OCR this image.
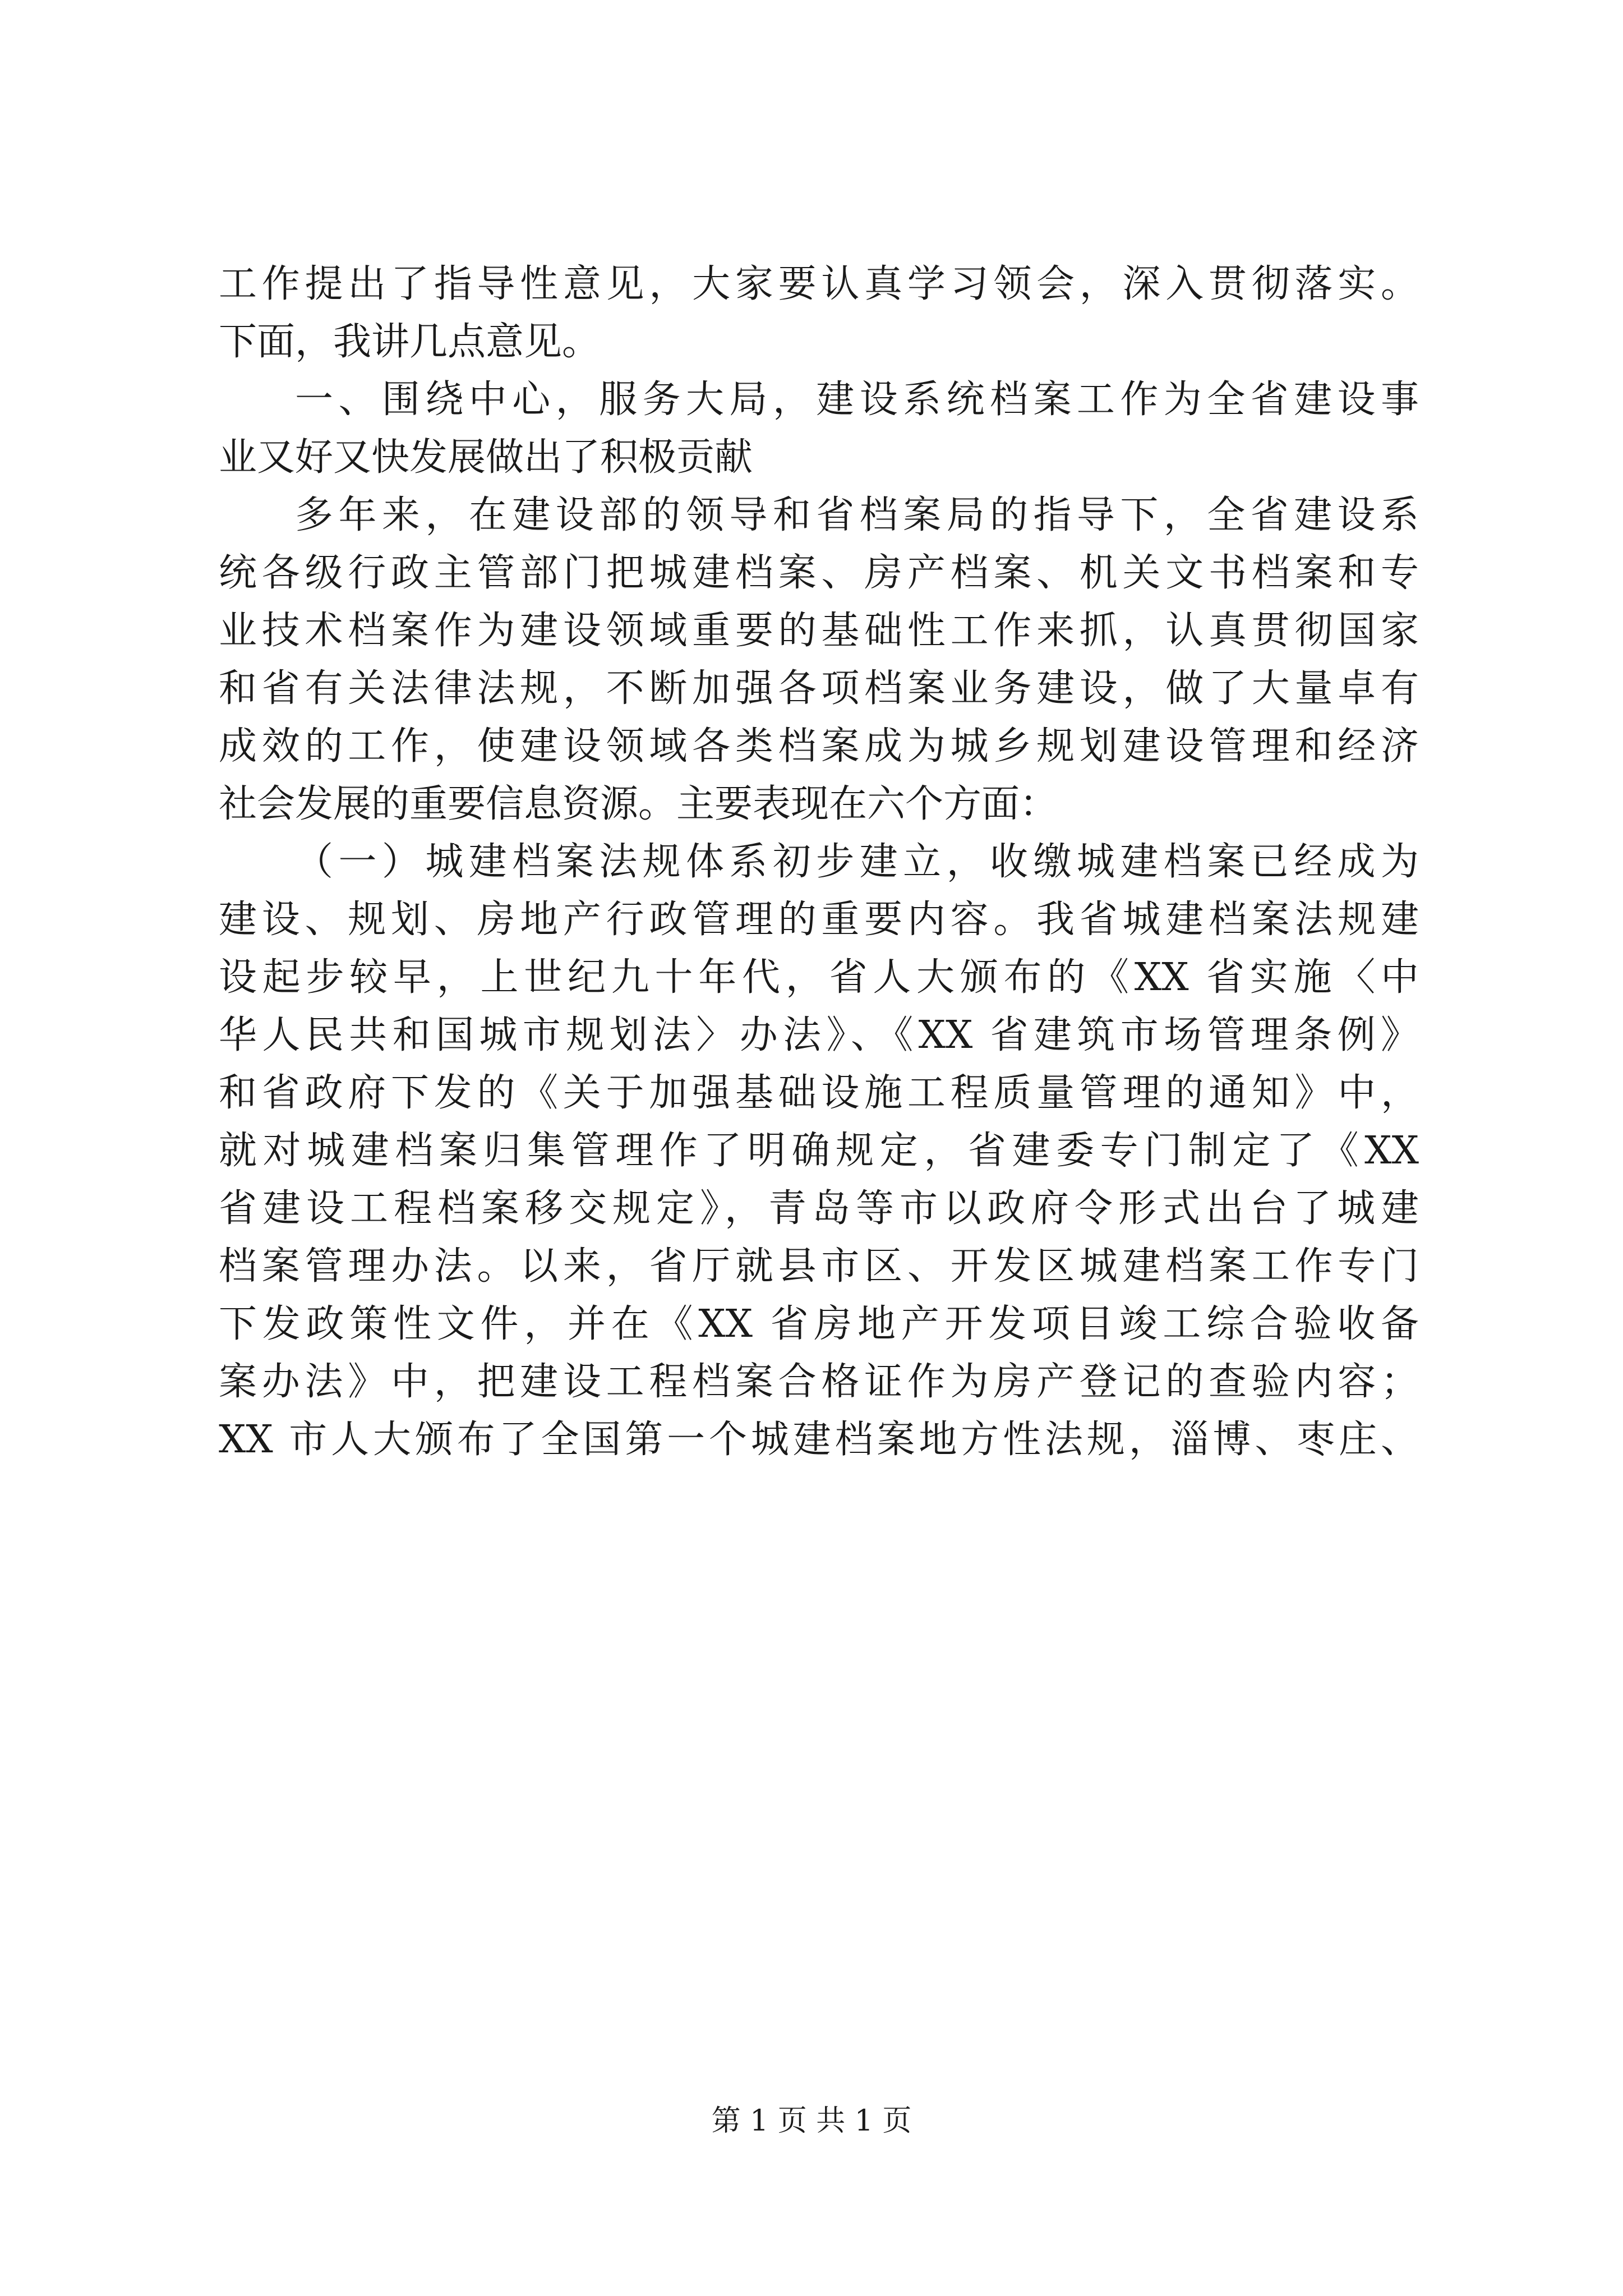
工作提出了指导性意见，大家要认真学习领会，深入贯彻落实。
下面，我讲几点意见。
一、围绕中心，服务大局，建设系统档案工作为全省建设事
业又好又快发展做出了积极贡献
多年来，在建设部的领导和省档案局的指导下，全省建设系
统各级行政主管部门把城建档案、房产档案、机关文书档案和专
业技术档案作为建设领域重要的基础性工作来抓，认真贯彻国家
和省有关法律法规，不断加强各项档案业务建设，做了大量卓有
成效的工作，使建设领域各类档案成为城乡规划建设管理和经济
社会发展的重要信息资源。主要表现在六个方面：
（一）城建档案法规体系初步建立，收缴城建档案已经成为
建设、规划、房地产行政管理的重要内容。我省城建档案法规建
设起步较早，上世纪九十年代，省人大颁布的《XX 省实施〈中
华人民共和国城市规划法〉办法》、《XX 省建筑市场管理条例》
和省政府下发的《关于加强基础设施工程质量管理的通知》中，
就对城建档案归集管理作了明确规定，省建委专门制定了《XX
省建设工程档案移交规定》，青岛等市以政府令形式出台了城建
档案管理办法。以来，省厅就县市区、开发区城建档案工作专门
下发政策性文件，并在《XX 省房地产开发项目竣工综合验收备
案办法》中，把建设工程档案合格证作为房产登记的查验内容；
XX 市人大颁布了全国第一个城建档案地方性法规，淄博、枣庄、
第 1 页 共 1 页
